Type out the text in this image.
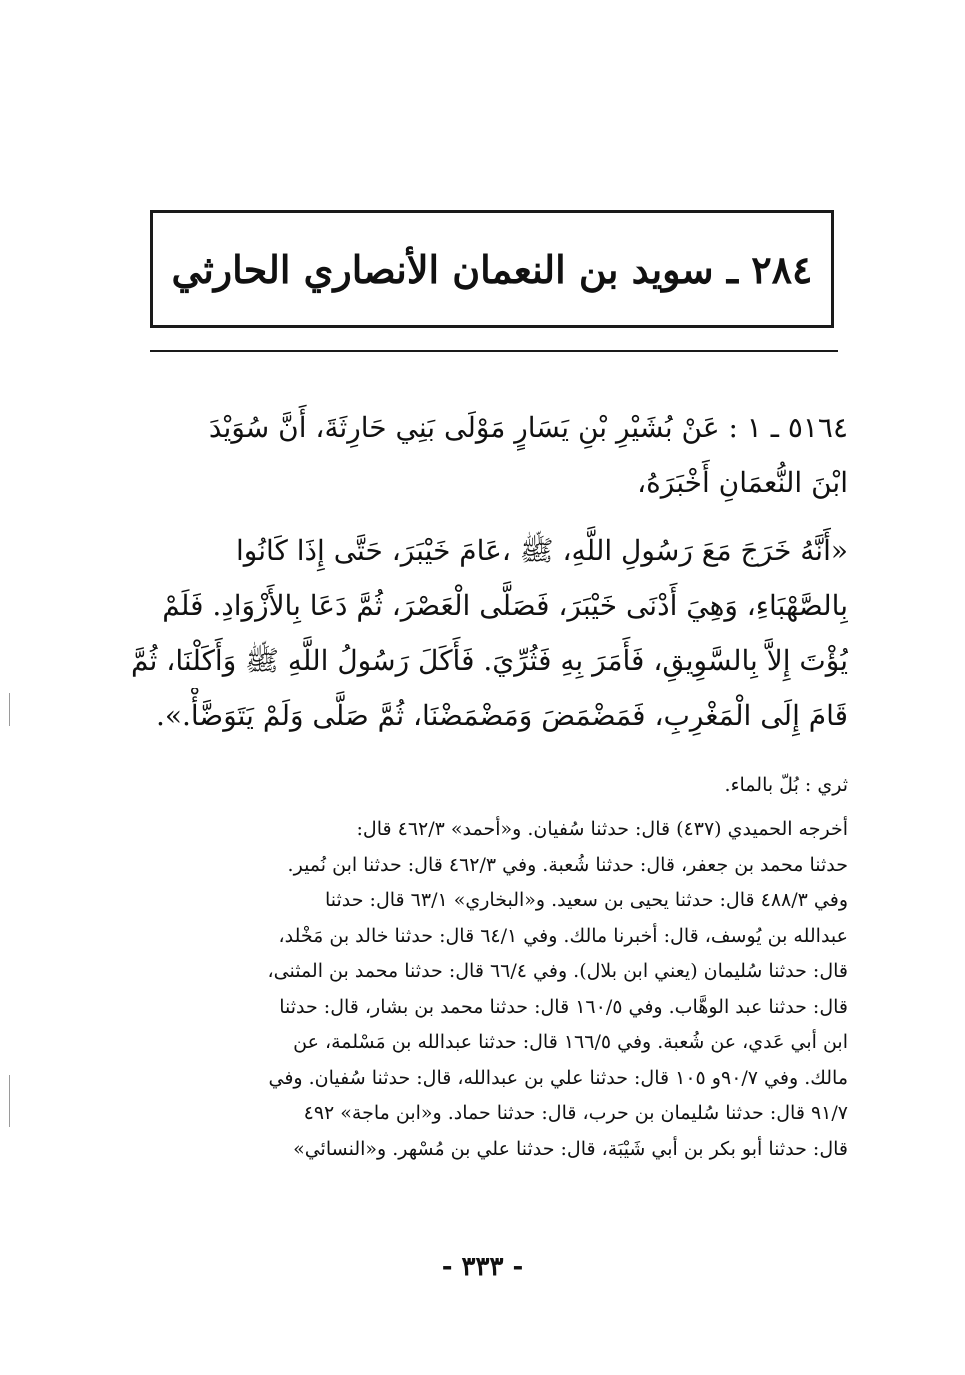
٢٨٤ ـ سويد بن النعمان الأنصاري الحارثي
٥١٦٤ ـ ١ : عَنْ بُشَيْرِ بْنِ يَسَارٍ مَوْلَى بَنِي حَارِثَةَ، أَنَّ سُوَيْدَ
ابْنَ النُّعمَانِ أَخْبَرَهُ،
«أَنَّهُ خَرَجَ مَعَ رَسُولِ اللَّهِ، ﷺ ،عَامَ خَيْبَرَ، حَتَّى إِذَا كَانُوا
بِالصَّهْبَاءِ، وَهِيَ أَدْنَى خَيْبَرَ، فَصَلَّى الْعَصْرَ، ثُمَّ دَعَا بِالأَزْوَادِ. فَلَمْ
يُؤْتَ إِلاَّ بِالسَّوِيقِ، فَأَمَرَ بِهِ فَثُرِّيَ. فَأَكَلَ رَسُولُ اللَّهِ ﷺ وَأَكَلْنَا، ثُمَّ
قَامَ إِلَى الْمَغْرِبِ، فَمَضْمَضَ وَمَضْمَضْنَا، ثُمَّ صَلَّى وَلَمْ يَتَوَضَّأْ.».
ثري : بُلّ بالماء.
أخرجه الحميدي (٤٣٧) قال: حدثنا سُفيان. و«أحمد» ٤٦٢/٣ قال:
حدثنا محمد بن جعفر، قال: حدثنا شُعبة. وفي ٤٦٢/٣ قال: حدثنا ابن نُمير.
وفي ٤٨٨/٣ قال: حدثنا يحيى بن سعيد. و«البخاري» ٦٣/١ قال: حدثنا
عبدالله بن يُوسف، قال: أخبرنا مالك. وفي ٦٤/١ قال: حدثنا خالد بن مَخْلد،
قال: حدثنا سُليمان (يعني ابن بلال). وفي ٦٦/٤ قال: حدثنا محمد بن المثنى،
قال: حدثنا عبد الوهَّاب. وفي ١٦٠/٥ قال: حدثنا محمد بن بشار، قال: حدثنا
ابن أبي عَدي، عن شُعبة. وفي ١٦٦/٥ قال: حدثنا عبدالله بن مَسْلمة، عن
مالك. وفي ٩٠/٧و ١٠٥ قال: حدثنا علي بن عبدالله، قال: حدثنا سُفيان. وفي
٩١/٧ قال: حدثنا سُليمان بن حرب، قال: حدثنا حماد. و«ابن ماجة» ٤٩٢
قال: حدثنا أبو بكر بن أبي شَيْبَة، قال: حدثنا علي بن مُسْهر. و«النسائي»
- ٣٣٣ -
